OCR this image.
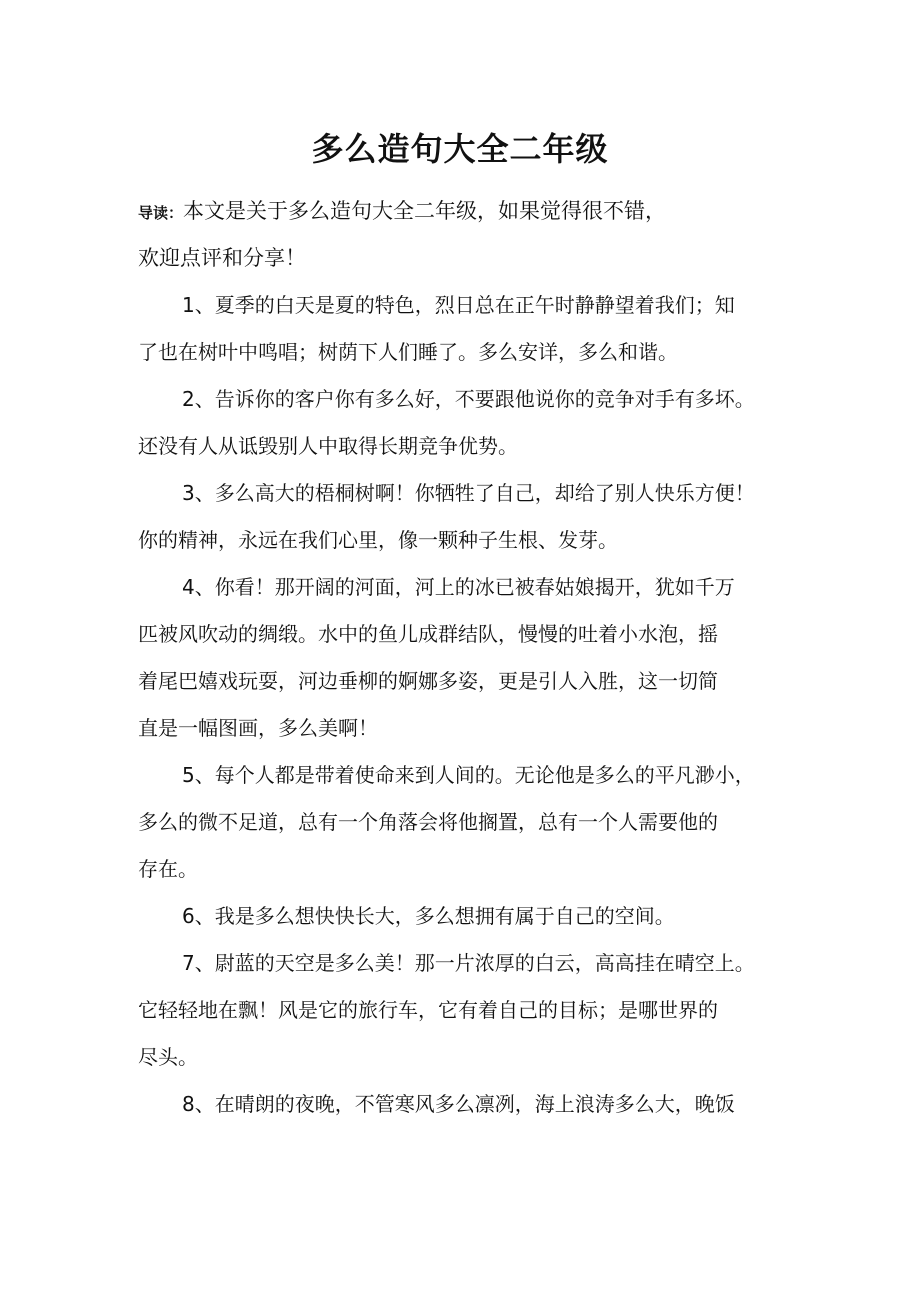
多么造句大全二年级
导读：本文是关于多么造句大全二年级，如果觉得很不错，
欢迎点评和分享！
1、夏季的白天是夏的特色，烈日总在正午时静静望着我们；知
了也在树叶中鸣唱；树荫下人们睡了。多么安详，多么和谐。
2、告诉你的客户你有多么好，不要跟他说你的竞争对手有多坏。
还没有人从诋毁别人中取得长期竞争优势。
3、多么高大的梧桐树啊！你牺牲了自己，却给了别人快乐方便！
你的精神，永远在我们心里，像一颗种子生根、发芽。
4、你看！那开阔的河面，河上的冰已被春姑娘揭开，犹如千万
匹被风吹动的绸缎。水中的鱼儿成群结队，慢慢的吐着小水泡，摇
着尾巴嬉戏玩耍，河边垂柳的婀娜多姿，更是引人入胜，这一切简
直是一幅图画，多么美啊！
5、每个人都是带着使命来到人间的。无论他是多么的平凡渺小，
多么的微不足道，总有一个角落会将他搁置，总有一个人需要他的
存在。
6、我是多么想快快长大，多么想拥有属于自己的空间。
7、尉蓝的天空是多么美！那一片浓厚的白云，高高挂在晴空上。
它轻轻地在飘！风是它的旅行车，它有着自己的目标；是哪世界的
尽头。
8、在晴朗的夜晚，不管寒风多么凛冽，海上浪涛多么大，晚饭
